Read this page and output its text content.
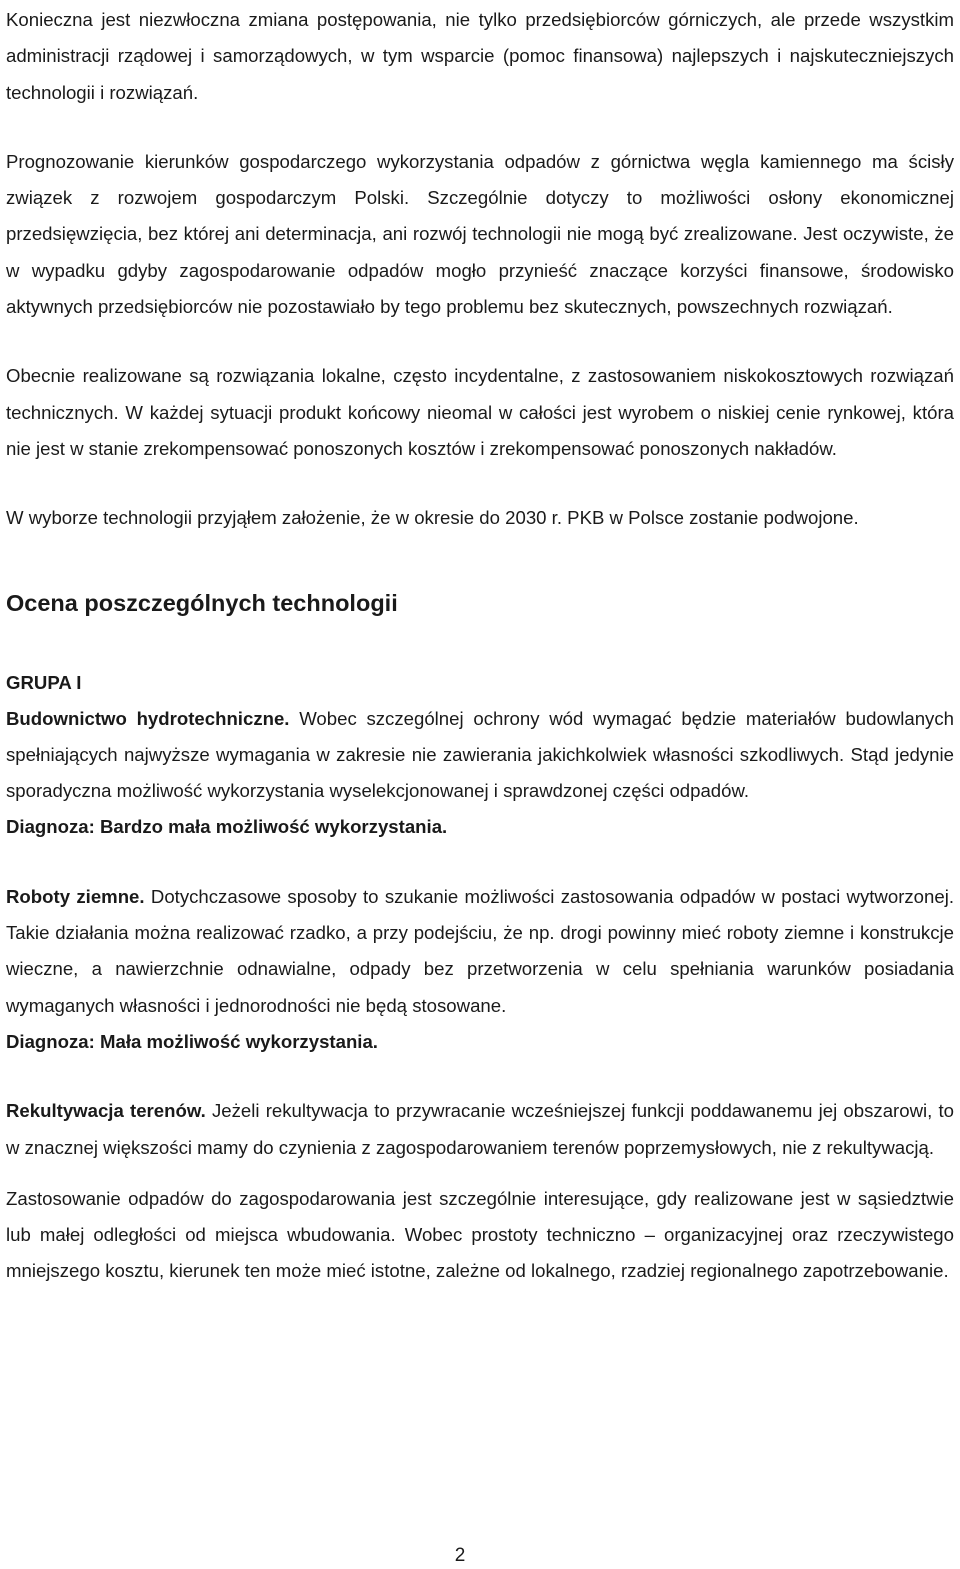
Konieczna jest niezwłoczna zmiana postępowania, nie tylko przedsiębiorców górniczych, ale przede wszystkim administracji rządowej i samorządowych, w tym wsparcie (pomoc finansowa) najlepszych i najskuteczniejszych technologii i rozwiązań.

Prognozowanie kierunków gospodarczego wykorzystania odpadów z górnictwa węgla kamiennego ma ścisły związek z rozwojem gospodarczym Polski. Szczególnie dotyczy to możliwości osłony ekonomicznej przedsięwzięcia, bez której ani determinacja, ani rozwój technologii nie mogą być zrealizowane. Jest oczywiste, że w wypadku gdyby zagospodarowanie odpadów mogło przynieść znaczące korzyści finansowe, środowisko aktywnych przedsiębiorców nie pozostawiało by tego problemu bez skutecznych, powszechnych rozwiązań.

Obecnie realizowane są rozwiązania lokalne, często incydentalne, z zastosowaniem niskokosztowych rozwiązań technicznych. W każdej sytuacji produkt końcowy nieomal w całości jest wyrobem o niskiej cenie rynkowej, która nie jest w stanie zrekompensować ponoszonych kosztów i zrekompensować ponoszonych nakładów.

W wyborze technologii przyjąłem założenie, że w okresie do 2030 r. PKB w Polsce zostanie podwojone.

Ocena poszczególnych technologii

GRUPA I

Budownictwo hydrotechniczne. Wobec szczególnej ochrony wód wymagać będzie materiałów budowlanych spełniających najwyższe wymagania w zakresie nie zawierania jakichkolwiek własności szkodliwych. Stąd jedynie sporadyczna możliwość wykorzystania wyselekcjonowanej i sprawdzonej części odpadów.

Diagnoza: Bardzo mała możliwość wykorzystania.

Roboty ziemne. Dotychczasowe sposoby to szukanie możliwości zastosowania odpadów w postaci wytworzonej. Takie działania można realizować rzadko, a przy podejściu, że np. drogi powinny mieć roboty ziemne i konstrukcje wieczne, a nawierzchnie odnawialne, odpady bez przetworzenia w celu spełniania warunków posiadania wymaganych własności i jednorodności nie będą stosowane.

Diagnoza: Mała możliwość wykorzystania.

Rekultywacja terenów. Jeżeli rekultywacja to przywracanie wcześniejszej funkcji poddawanemu jej obszarowi, to w znacznej większości mamy do czynienia z zagospodarowaniem terenów poprzemysłowych, nie z rekultywacją.

Zastosowanie odpadów do zagospodarowania jest szczególnie interesujące, gdy realizowane jest w sąsiedztwie lub małej odległości od miejsca wbudowania. Wobec prostoty techniczno – organizacyjnej oraz rzeczywistego mniejszego kosztu, kierunek ten może mieć istotne, zależne od lokalnego, rzadziej regionalnego zapotrzebowanie.

2
